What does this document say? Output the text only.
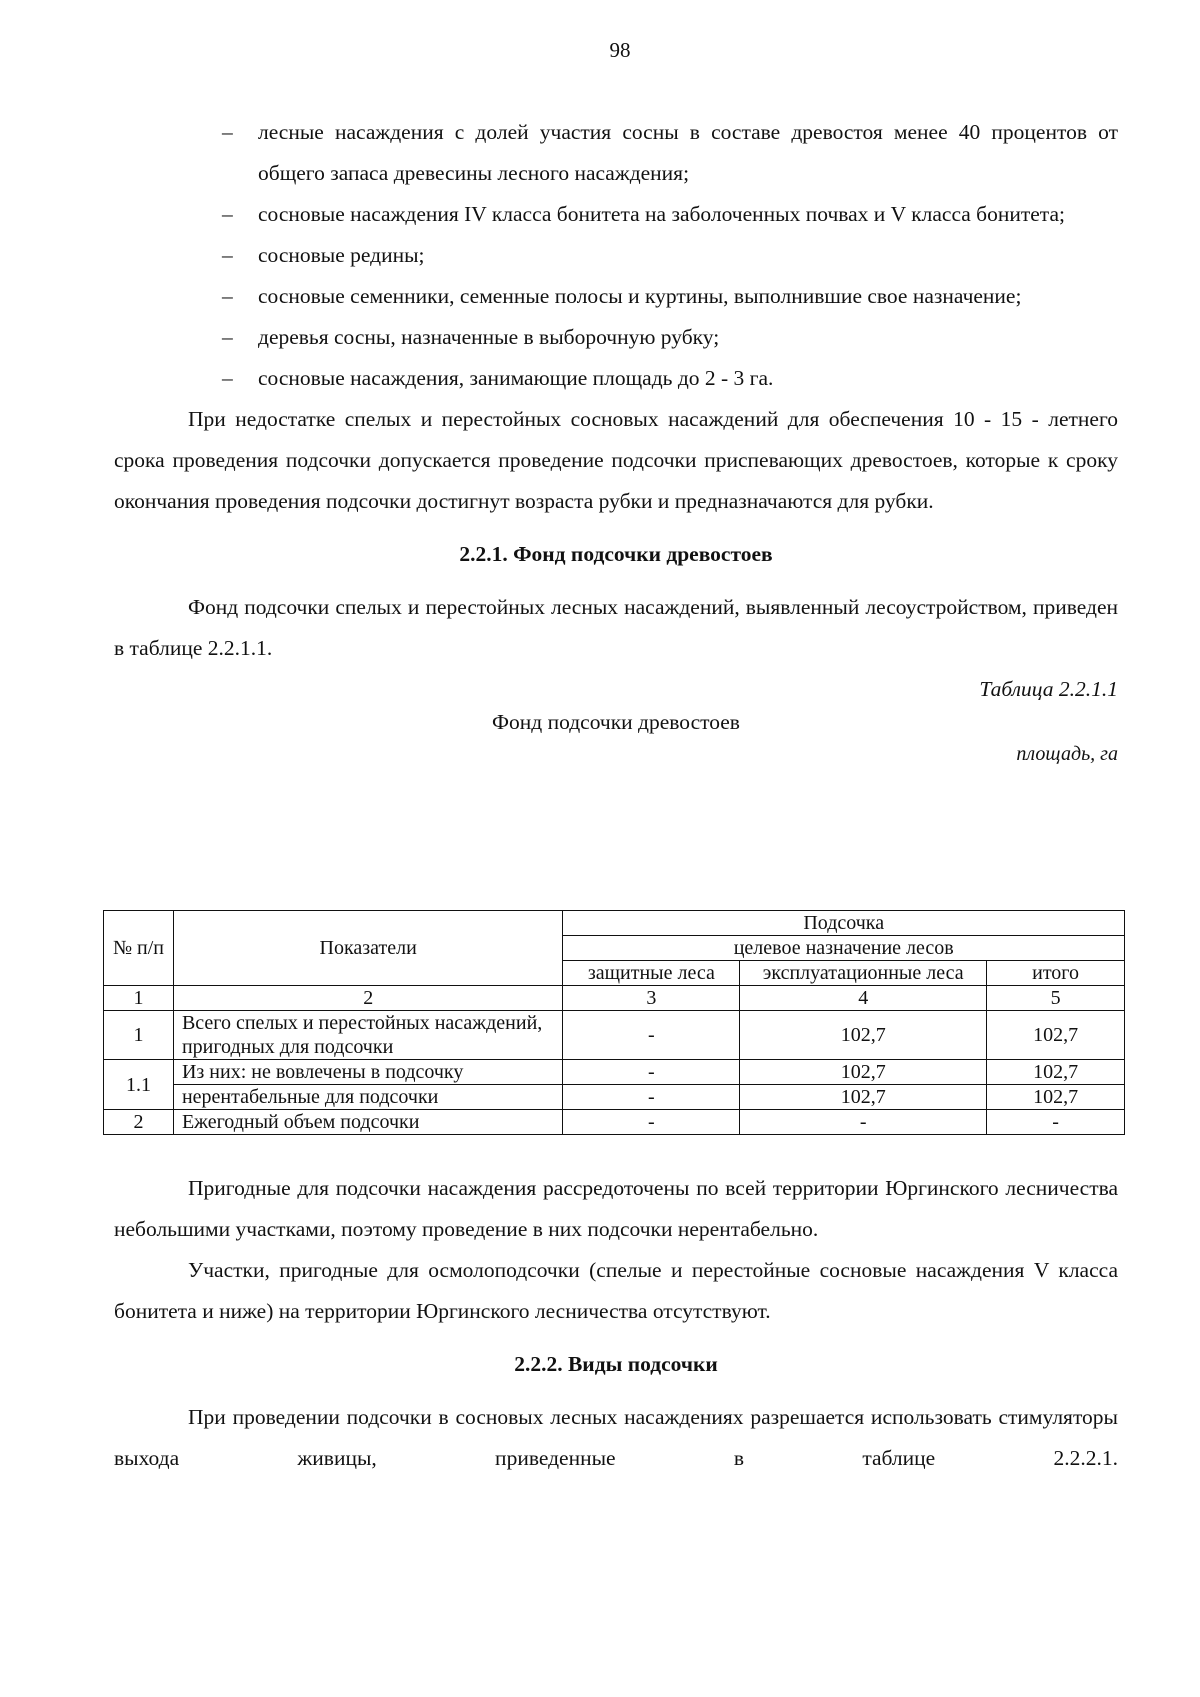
98
– лесные насаждения с долей участия сосны в составе древостоя менее 40 процентов от общего запаса древесины лесного насаждения;
– сосновые насаждения IV класса бонитета на заболоченных почвах и V класса бонитета;
– сосновые редины;
– сосновые семенники, семенные полосы и куртины, выполнившие свое назначение;
– деревья сосны, назначенные в выборочную рубку;
– сосновые насаждения, занимающие площадь до 2 - 3 га.

При недостатке спелых и перестойных сосновых насаждений для обеспечения 10 - 15 - летнего срока проведения подсочки допускается проведение подсочки приспевающих древостоев, которые к сроку окончания проведения подсочки достигнут возраста рубки и предназначаются для рубки.

2.2.1. Фонд подсочки древостоев

Фонд подсочки спелых и перестойных лесных насаждений, выявленный лесоустройством, приведен в таблице 2.2.1.1.

Таблица 2.2.1.1
Фонд подсочки древостоев
площадь, га
№ п/п	Показатели	Подсочка		
		целевое назначение лесов		
		защитные леса	эксплуатационные леса	итого
1	2	3	4	5
1	Всего спелых и перестойных насаждений, пригодных для подсочки	-	102,7	102,7
1.1	Из них: не вовлечены в подсочку	-	102,7	102,7
	нерентабельные для подсочки	-	102,7	102,7
2	Ежегодный объем подсочки	-	-	-

Пригодные для подсочки насаждения рассредоточены по всей территории Юргинского лесничества небольшими участками, поэтому проведение в них подсочки нерентабельно.

Участки, пригодные для осмолоподсочки (спелые и перестойные сосновые насаждения V класса бонитета и ниже) на территории Юргинского лесничества отсутствуют.

2.2.2. Виды подсочки

При проведении подсочки в сосновых лесных насаждениях разрешается использовать стимуляторы выхода живицы, приведенные в таблице 2.2.2.1.
